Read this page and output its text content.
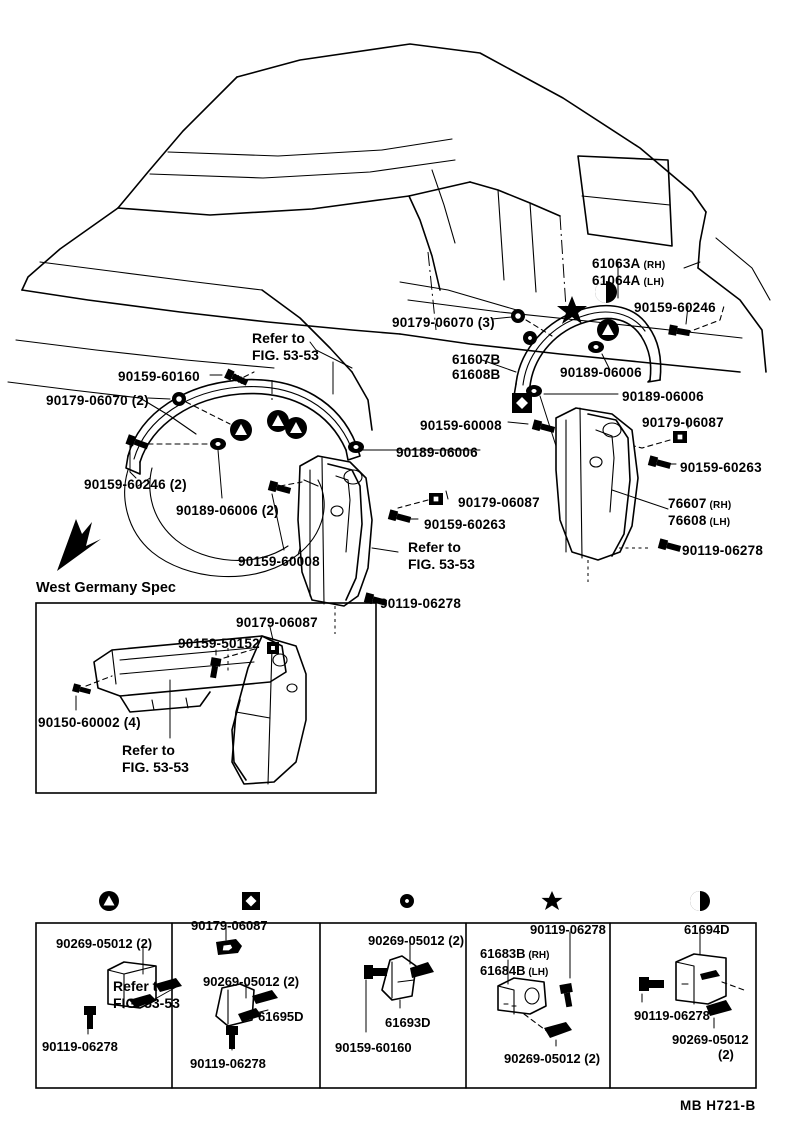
90159-60160
90179-06070 (2)
90159-60246 (2)
90189-06006 (2)
90159-60008
90179-06070 (3)
90159-60246
90189-06006
90189-06006
90179-06087
90159-60008
90189-06006
90159-60263
90179-06087
90159-60263
90119-06278
90119-06278
61063A (RH)
61064A (LH)
61607B
61608B
76607 (RH)
76608 (LH)
Refer to
FIG. 53-53
Refer to
FIG. 53-53
Refer to
FIG. 53-53
West Germany Spec
90179-06087
90159-50152
90150-60002 (4)
90269-05012 (2)
90119-06278
Refer to
FIG. 53-53
90179-06087
90269-05012 (2)
61695D
90119-06278
90269-05012 (2)
61693D
90159-60160
90119-06278
90269-05012 (2)
61683B (RH)
61684B (LH)
61694D
90119-06278
90269-05012
(2)
MB H721-B
